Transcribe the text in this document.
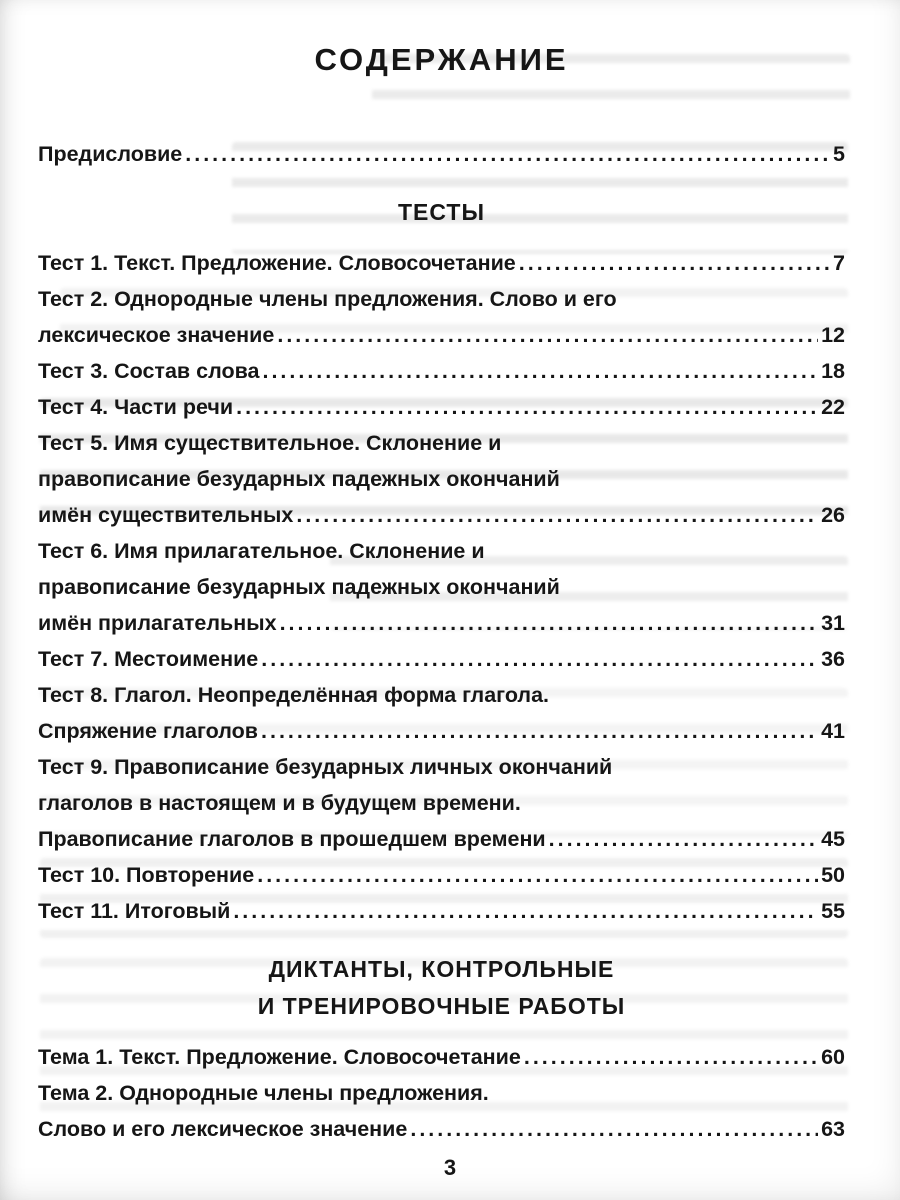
СОДЕРЖАНИЕ
Предисловие .....	5
ТЕСТЫ
Тест 1. Текст. Предложение. Словосочетание .....	7
Тест 2. Однородные члены предложения. Слово и его
лексическое значение .....	12
Тест 3. Состав слова .....	18
Тест 4. Части речи .....	22
Тест 5. Имя существительное. Склонение и
правописание безударных падежных окончаний
имён существительных .....	26
Тест 6. Имя прилагательное. Склонение и
правописание безударных падежных окончаний
имён прилагательных .....	31
Тест 7. Местоимение .....	36
Тест 8. Глагол. Неопределённая форма глагола.
Спряжение глаголов .....	41
Тест 9. Правописание безударных личных окончаний
глаголов в настоящем и в будущем времени.
Правописание глаголов в прошедшем времени .....	45
Тест 10. Повторение .....	50
Тест 11. Итоговый .....	55
ДИКТАНТЫ, КОНТРОЛЬНЫЕ
И ТРЕНИРОВОЧНЫЕ РАБОТЫ
Тема 1. Текст. Предложение. Словосочетание .....	60
Тема 2. Однородные члены предложения.
Слово и его лексическое значение .....	63
3
